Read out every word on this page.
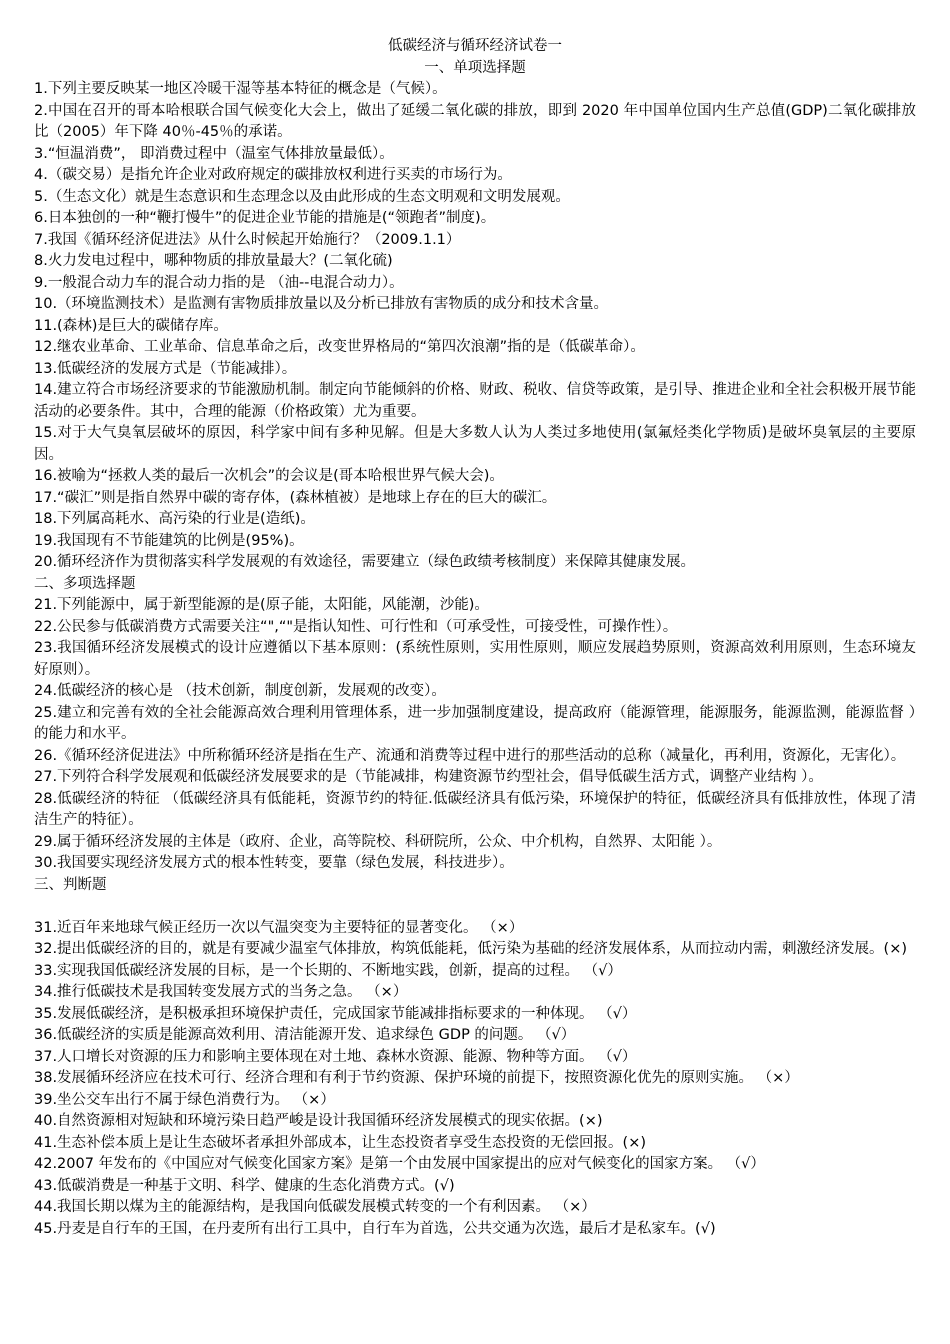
低碳经济与循环经济试卷一

一、单项选择题

1.下列主要反映某一地区冷暖干湿等基本特征的概念是（气候）。

2.中国在召开的哥本哈根联合国气候变化大会上，做出了延缓二氧化碳的排放，即到 2020 年中国单位国内生产总值(GDP)二氧化碳排放比（2005）年下降 40％-45％的承诺。

3.“恒温消费”， 即消费过程中（温室气体排放量最低）。

4.（碳交易）是指允许企业对政府规定的碳排放权利进行买卖的市场行为。

5.（生态文化）就是生态意识和生态理念以及由此形成的生态文明观和文明发展观。

6.日本独创的一种“鞭打慢牛”的促进企业节能的措施是(“领跑者”制度)。

7.我国《循环经济促进法》从什么时候起开始施行？（2009.1.1）

8.火力发电过程中，哪种物质的排放量最大？(二氧化硫)

9.一般混合动力车的混合动力指的是 （油--电混合动力）。

10.（环境监测技术）是监测有害物质排放量以及分析已排放有害物质的成分和技术含量。

11.(森林)是巨大的碳储存库。

12.继农业革命、工业革命、信息革命之后，改变世界格局的“第四次浪潮”指的是（低碳革命）。

13.低碳经济的发展方式是（节能减排）。

14.建立符合市场经济要求的节能激励机制。制定向节能倾斜的价格、财政、税收、信贷等政策，是引导、推进企业和全社会积极开展节能活动的必要条件。其中，合理的能源（价格政策）尤为重要。

15.对于大气臭氧层破坏的原因，科学家中间有多种见解。但是大多数人认为人类过多地使用(氯氟烃类化学物质)是破坏臭氧层的主要原因。

16.被喻为“拯救人类的最后一次机会”的会议是(哥本哈根世界气候大会)。

17.“碳汇”则是指自然界中碳的寄存体，(森林植被）是地球上存在的巨大的碳汇。

18.下列属高耗水、高污染的行业是(造纸)。

19.我国现有不节能建筑的比例是(95%)。

20.循环经济作为贯彻落实科学发展观的有效途径，需要建立（绿色政绩考核制度）来保障其健康发展。

二、多项选择题

21.下列能源中，属于新型能源的是(原子能，太阳能，风能潮，沙能)。

22.公民参与低碳消费方式需要关注“",“"是指认知性、可行性和（可承受性，可接受性，可操作性）。

23.我国循环经济发展模式的设计应遵循以下基本原则：(系统性原则，实用性原则，顺应发展趋势原则，资源高效利用原则，生态环境友好原则）。

24.低碳经济的核心是 （技术创新，制度创新，发展观的改变）。

25.建立和完善有效的全社会能源高效合理利用管理体系，进一步加强制度建设，提高政府（能源管理，能源服务，能源监测，能源监督 ）的能力和水平。

26.《循环经济促进法》中所称循环经济是指在生产、流通和消费等过程中进行的那些活动的总称（减量化，再利用，资源化，无害化）。

27.下列符合科学发展观和低碳经济发展要求的是（节能减排，构建资源节约型社会，倡导低碳生活方式，调整产业结构 ）。

28.低碳经济的特征 （低碳经济具有低能耗，资源节约的特征.低碳经济具有低污染，环境保护的特征，低碳经济具有低排放性，体现了清洁生产的特征）。

29.属于循环经济发展的主体是（政府、企业，高等院校、科研院所，公众、中介机构，自然界、太阳能 ）。

30.我国要实现经济发展方式的根本性转变，要靠（绿色发展，科技进步）。

三、判断题

31.近百年来地球气候正经历一次以气温突变为主要特征的显著变化。 （×）

32.提出低碳经济的目的，就是有要减少温室气体排放，构筑低能耗，低污染为基础的经济发展体系，从而拉动内需，刺激经济发展。(×)

33.实现我国低碳经济发展的目标，是一个长期的、不断地实践，创新，提高的过程。 （√）

34.推行低碳技术是我国转变发展方式的当务之急。 （×）

35.发展低碳经济，是积极承担环境保护责任，完成国家节能减排指标要求的一种体现。 （√）

36.低碳经济的实质是能源高效利用、清洁能源开发、追求绿色 GDP 的问题。 （√）

37.人口增长对资源的压力和影响主要体现在对土地、森林水资源、能源、物种等方面。 （√）

38.发展循环经济应在技术可行、经济合理和有利于节约资源、保护环境的前提下，按照资源化优先的原则实施。 （×）

39.坐公交车出行不属于绿色消费行为。 （×）

40.自然资源相对短缺和环境污染日趋严峻是设计我国循环经济发展模式的现实依据。(×)

41.生态补偿本质上是让生态破坏者承担外部成本，让生态投资者享受生态投资的无偿回报。(×)

42.2007 年发布的《中国应对气候变化国家方案》是第一个由发展中国家提出的应对气候变化的国家方案。 （√）

43.低碳消费是一种基于文明、科学、健康的生态化消费方式。(√)

44.我国长期以煤为主的能源结构，是我国向低碳发展模式转变的一个有利因素。 （×）

45.丹麦是自行车的王国，在丹麦所有出行工具中，自行车为首选，公共交通为次选，最后才是私家车。(√)
